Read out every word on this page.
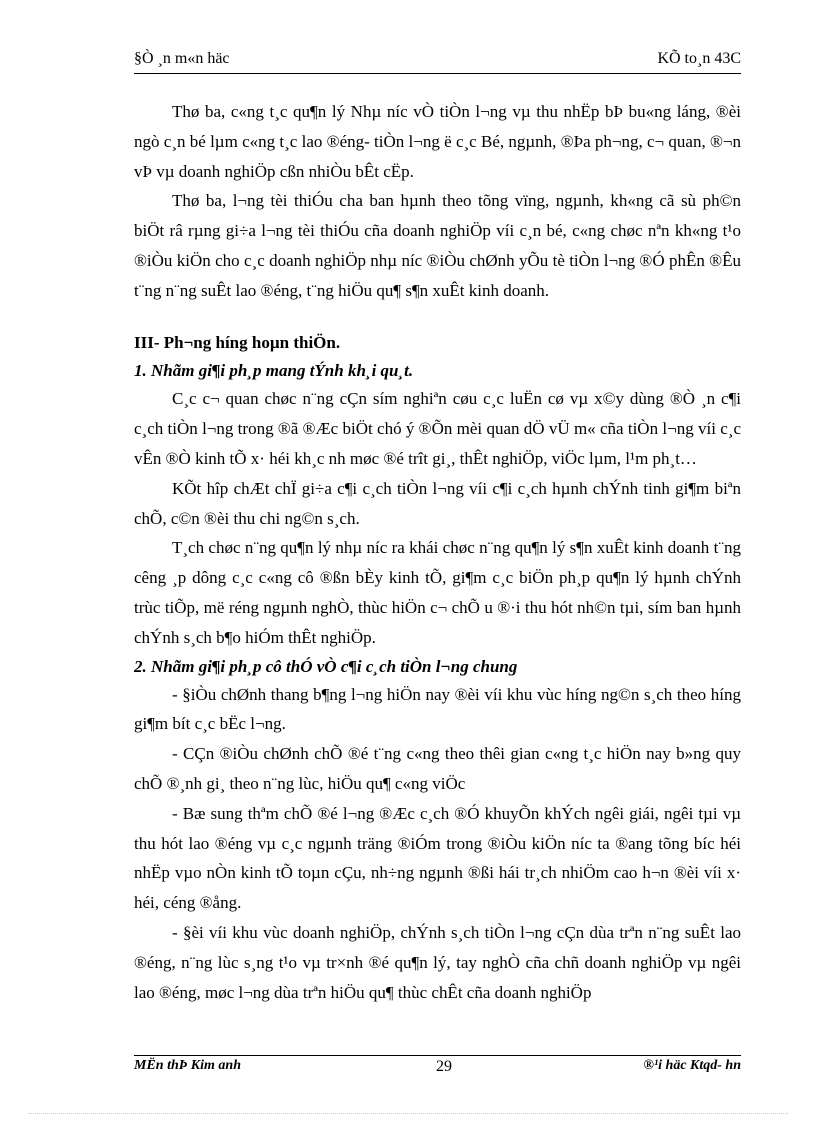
§Ò ¸n m«n häc	KÕ to¸n 43C

Thø ba, c«ng t¸c qu¶n lý Nhµ níc vÒ tiÒn l¬ng vµ thu nhËp bÞ bu«ng láng, ®èi ngò c¸n bé lµm c«ng t¸c lao ®éng- tiÒn l¬ng ë c¸c Bé, ngµnh, ®Þa ph¬ng, c¬ quan, ®¬n vÞ vµ doanh nghiÖp cßn nhiÒu bÊt cËp.

Thø ba, l¬ng tèi thiÓu cha ban hµnh theo tõng vïng, ngµnh, kh«ng cã sù ph©n biÖt râ rµng gi÷a l¬ng tèi thiÓu cña doanh nghiÖp víi c¸n bé, c«ng chøc nªn kh«ng t¹o ®iÒu kiÖn cho c¸c doanh nghiÖp nhµ níc ®iÒu chØnh yÕu tè tiÒn l¬ng ®Ó phÊn ®Êu t¨ng n¨ng suÊt lao ®éng, t¨ng hiÖu qu¶ s¶n xuÊt kinh doanh.

III- Ph¬ng híng hoµn thiÖn.

1. Nhãm gi¶i ph¸p mang tÝnh kh¸i qu¸t.

C¸c c¬ quan chøc n¨ng cÇn sím nghiªn cøu c¸c luËn cø vµ x©y dùng ®Ò ¸n c¶i c¸ch tiÒn l¬ng trong ®ã ®Æc biÖt chó ý ®Õn mèi quan dÖ vÜ m« cña tiÒn l¬ng víi c¸c vÊn ®Ò kinh tÕ x· héi kh¸c nh møc ®é trît gi¸, thÊt nghiÖp, viÖc lµm, l¹m ph¸t…

KÕt hîp chÆt chÏ gi÷a c¶i c¸ch tiÒn l¬ng víi c¶i c¸ch hµnh chÝnh tinh gi¶m biªn chÕ, c©n ®èi thu chi ng©n s¸ch.

T¸ch chøc n¨ng qu¶n lý nhµ níc ra khái chøc n¨ng qu¶n lý s¶n xuÊt kinh doanh t¨ng cêng ¸p dông c¸c c«ng cô ®ßn bÈy kinh tÕ, gi¶m c¸c biÖn ph¸p qu¶n lý hµnh chÝnh trùc tiÕp, më réng ngµnh nghÒ, thùc hiÖn c¬ chÕ u ®·i thu hót nh©n tµi, sím ban hµnh chÝnh s¸ch b¶o hiÓm thÊt nghiÖp.

2. Nhãm gi¶i ph¸p cô thÓ vÒ c¶i c¸ch tiÒn l¬ng chung

- §iÒu chØnh thang b¶ng l¬ng hiÖn nay ®èi víi khu vùc híng ng©n s¸ch theo híng gi¶m bít c¸c bËc l¬ng.

- CÇn ®iÒu chØnh chÕ ®é t¨ng c«ng theo thêi gian c«ng t¸c hiÖn nay b»ng quy chÕ ®¸nh gi¸ theo n¨ng lùc, hiÖu qu¶ c«ng viÖc

- Bæ sung thªm chÕ ®é l¬ng ®Æc c¸ch ®Ó khuyÕn khÝch ngêi giái, ngêi tµi vµ thu hót lao ®éng vµ c¸c ngµnh träng ®iÓm trong ®iÒu kiÖn níc ta ®ang tõng bíc héi nhËp vµo nÒn kinh tÕ toµn cÇu, nh÷ng ngµnh ®ßi hái tr¸ch nhiÖm cao h¬n ®èi víi x· héi, céng ®ång.

- §èi víi khu vùc doanh nghiÖp, chÝnh s¸ch tiÒn l¬ng cÇn dùa trªn n¨ng suÊt lao ®éng, n¨ng lùc s¸ng t¹o vµ tr×nh ®é qu¶n lý, tay nghÒ cña chñ doanh nghiÖp vµ ngêi lao ®éng, møc l¬ng dùa trªn hiÖu qu¶ thùc chÊt cña doanh nghiÖp

MËn thÞ Kim anh	29	®¹i häc Ktqd- hn
